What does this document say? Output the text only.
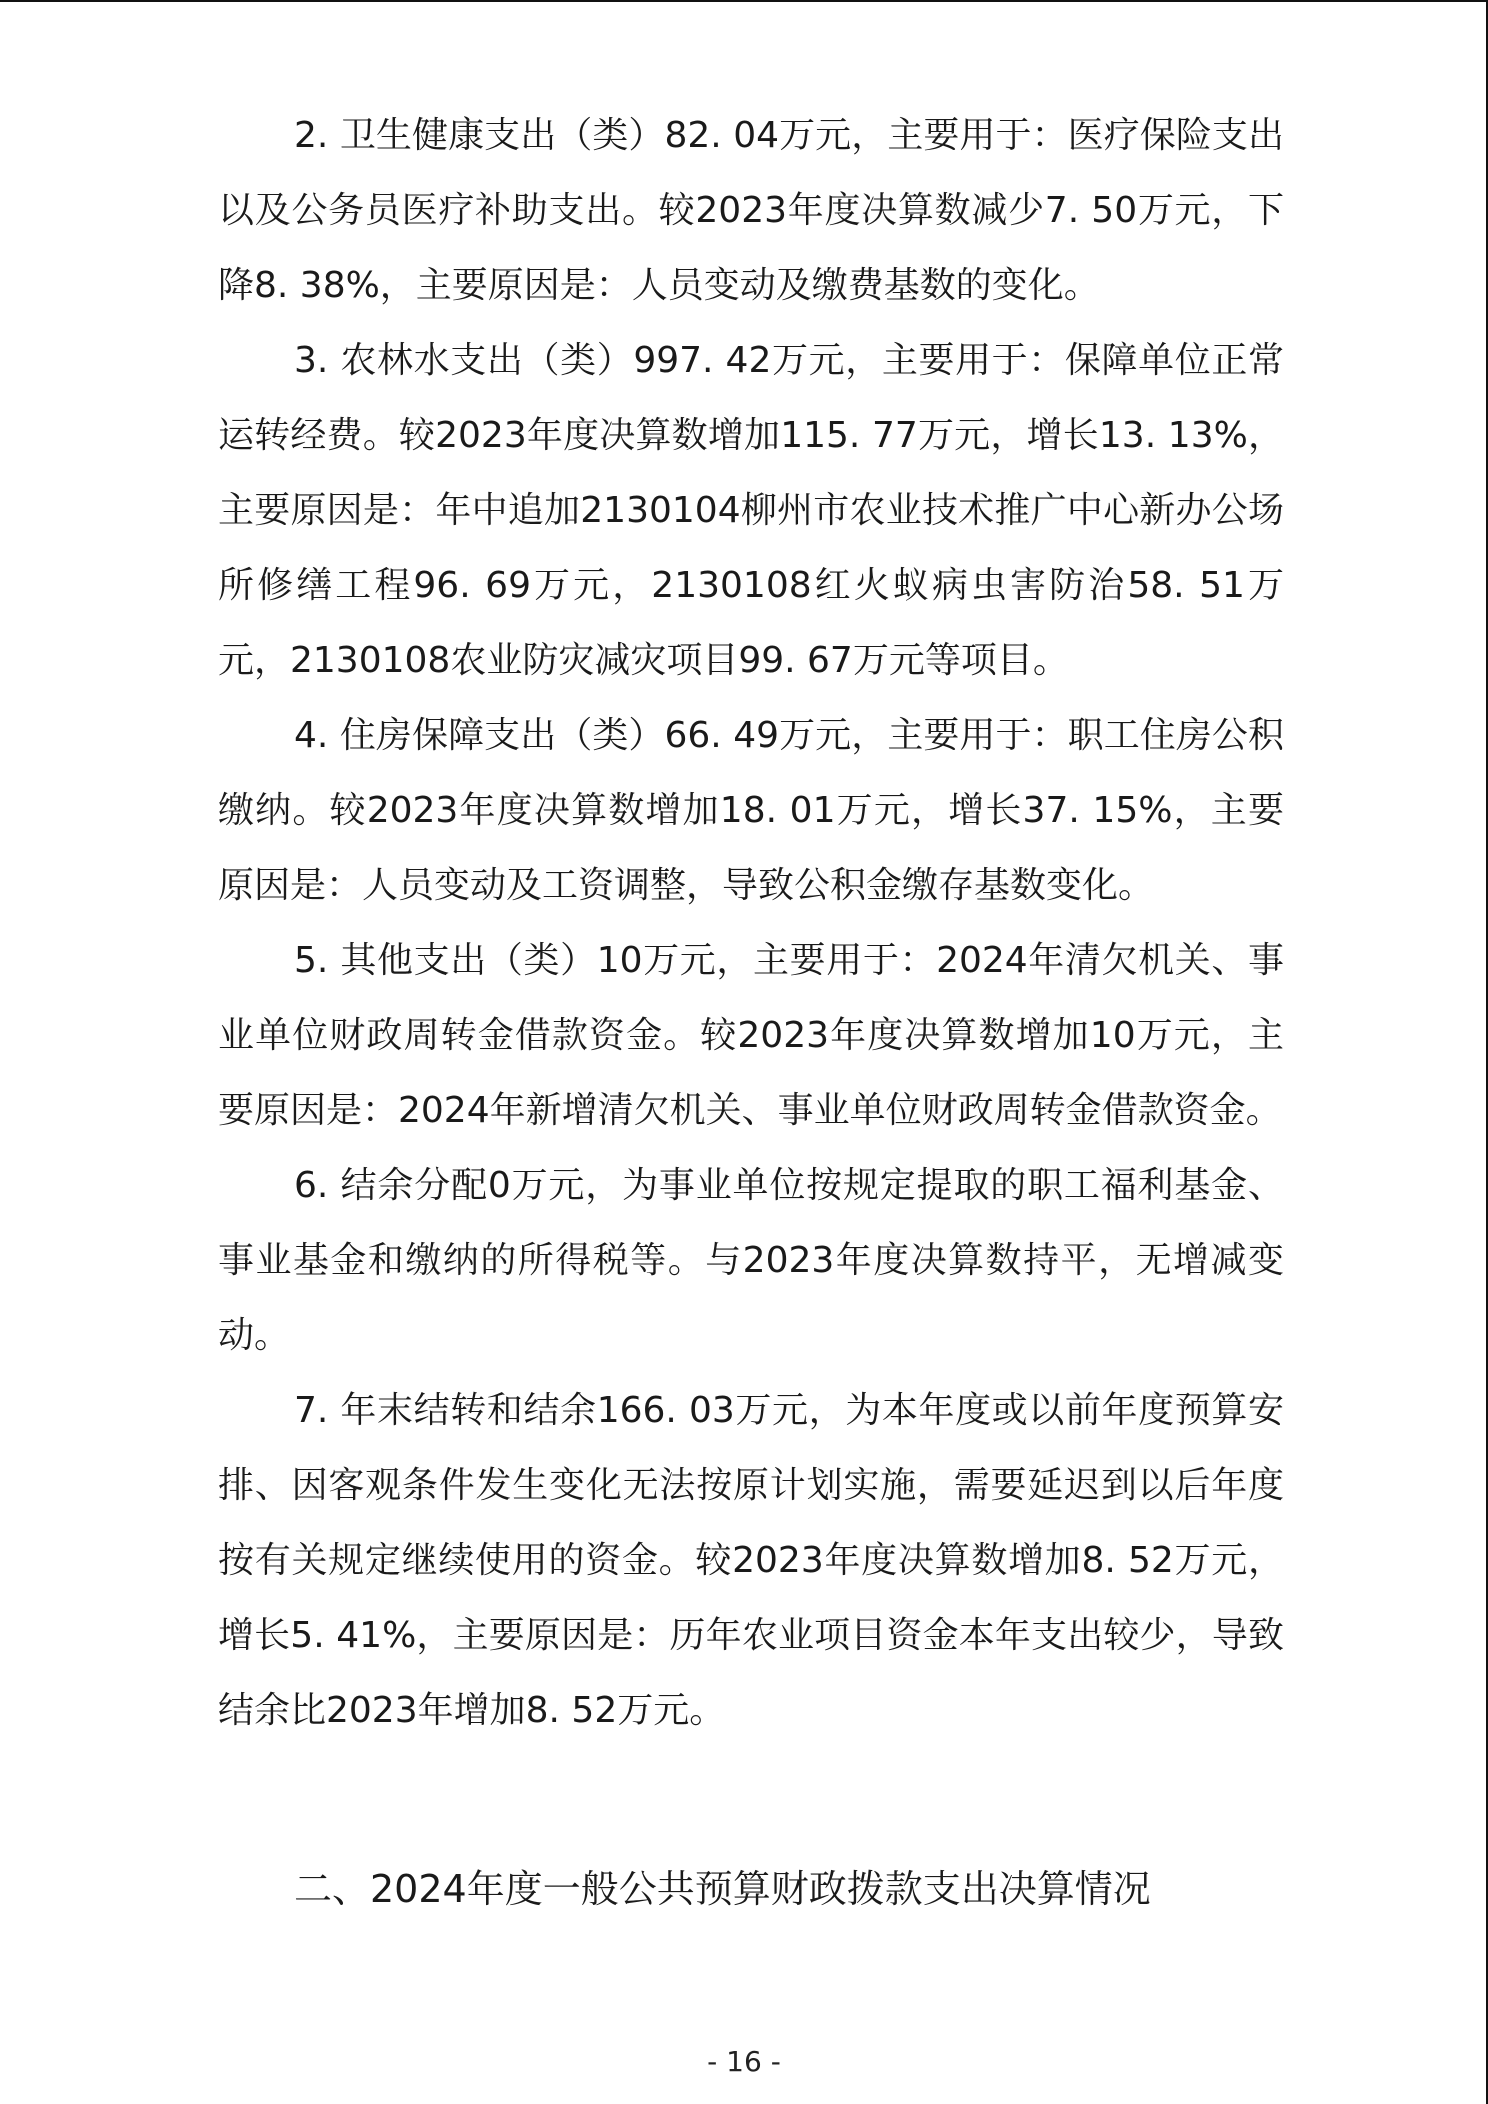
2. 卫生健康支出（类）82. 04万元，主要用于：医疗保险支出以及公务员医疗补助支出。较2023年度决算数减少7. 50万元，下降8. 38%，主要原因是：人员变动及缴费基数的变化。

3. 农林水支出（类）997. 42万元，主要用于：保障单位正常运转经费。较2023年度决算数增加115. 77万元，增长13. 13%，主要原因是：年中追加2130104柳州市农业技术推广中心新办公场所修缮工程96. 69万元，2130108红火蚁病虫害防治58. 51万元，2130108农业防灾减灾项目99. 67万元等项目。

4. 住房保障支出（类）66. 49万元，主要用于：职工住房公积缴纳。较2023年度决算数增加18. 01万元，增长37. 15%，主要原因是：人员变动及工资调整，导致公积金缴存基数变化。

5. 其他支出（类）10万元，主要用于：2024年清欠机关、事业单位财政周转金借款资金。较2023年度决算数增加10万元，主要原因是：2024年新增清欠机关、事业单位财政周转金借款资金。

6. 结余分配0万元，为事业单位按规定提取的职工福利基金、事业基金和缴纳的所得税等。与2023年度决算数持平，无增减变动。

7. 年末结转和结余166. 03万元，为本年度或以前年度预算安排、因客观条件发生变化无法按原计划实施，需要延迟到以后年度按有关规定继续使用的资金。较2023年度决算数增加8. 52万元，增长5. 41%，主要原因是：历年农业项目资金本年支出较少，导致结余比2023年增加8. 52万元。

二、2024年度一般公共预算财政拨款支出决算情况
- 16 -
